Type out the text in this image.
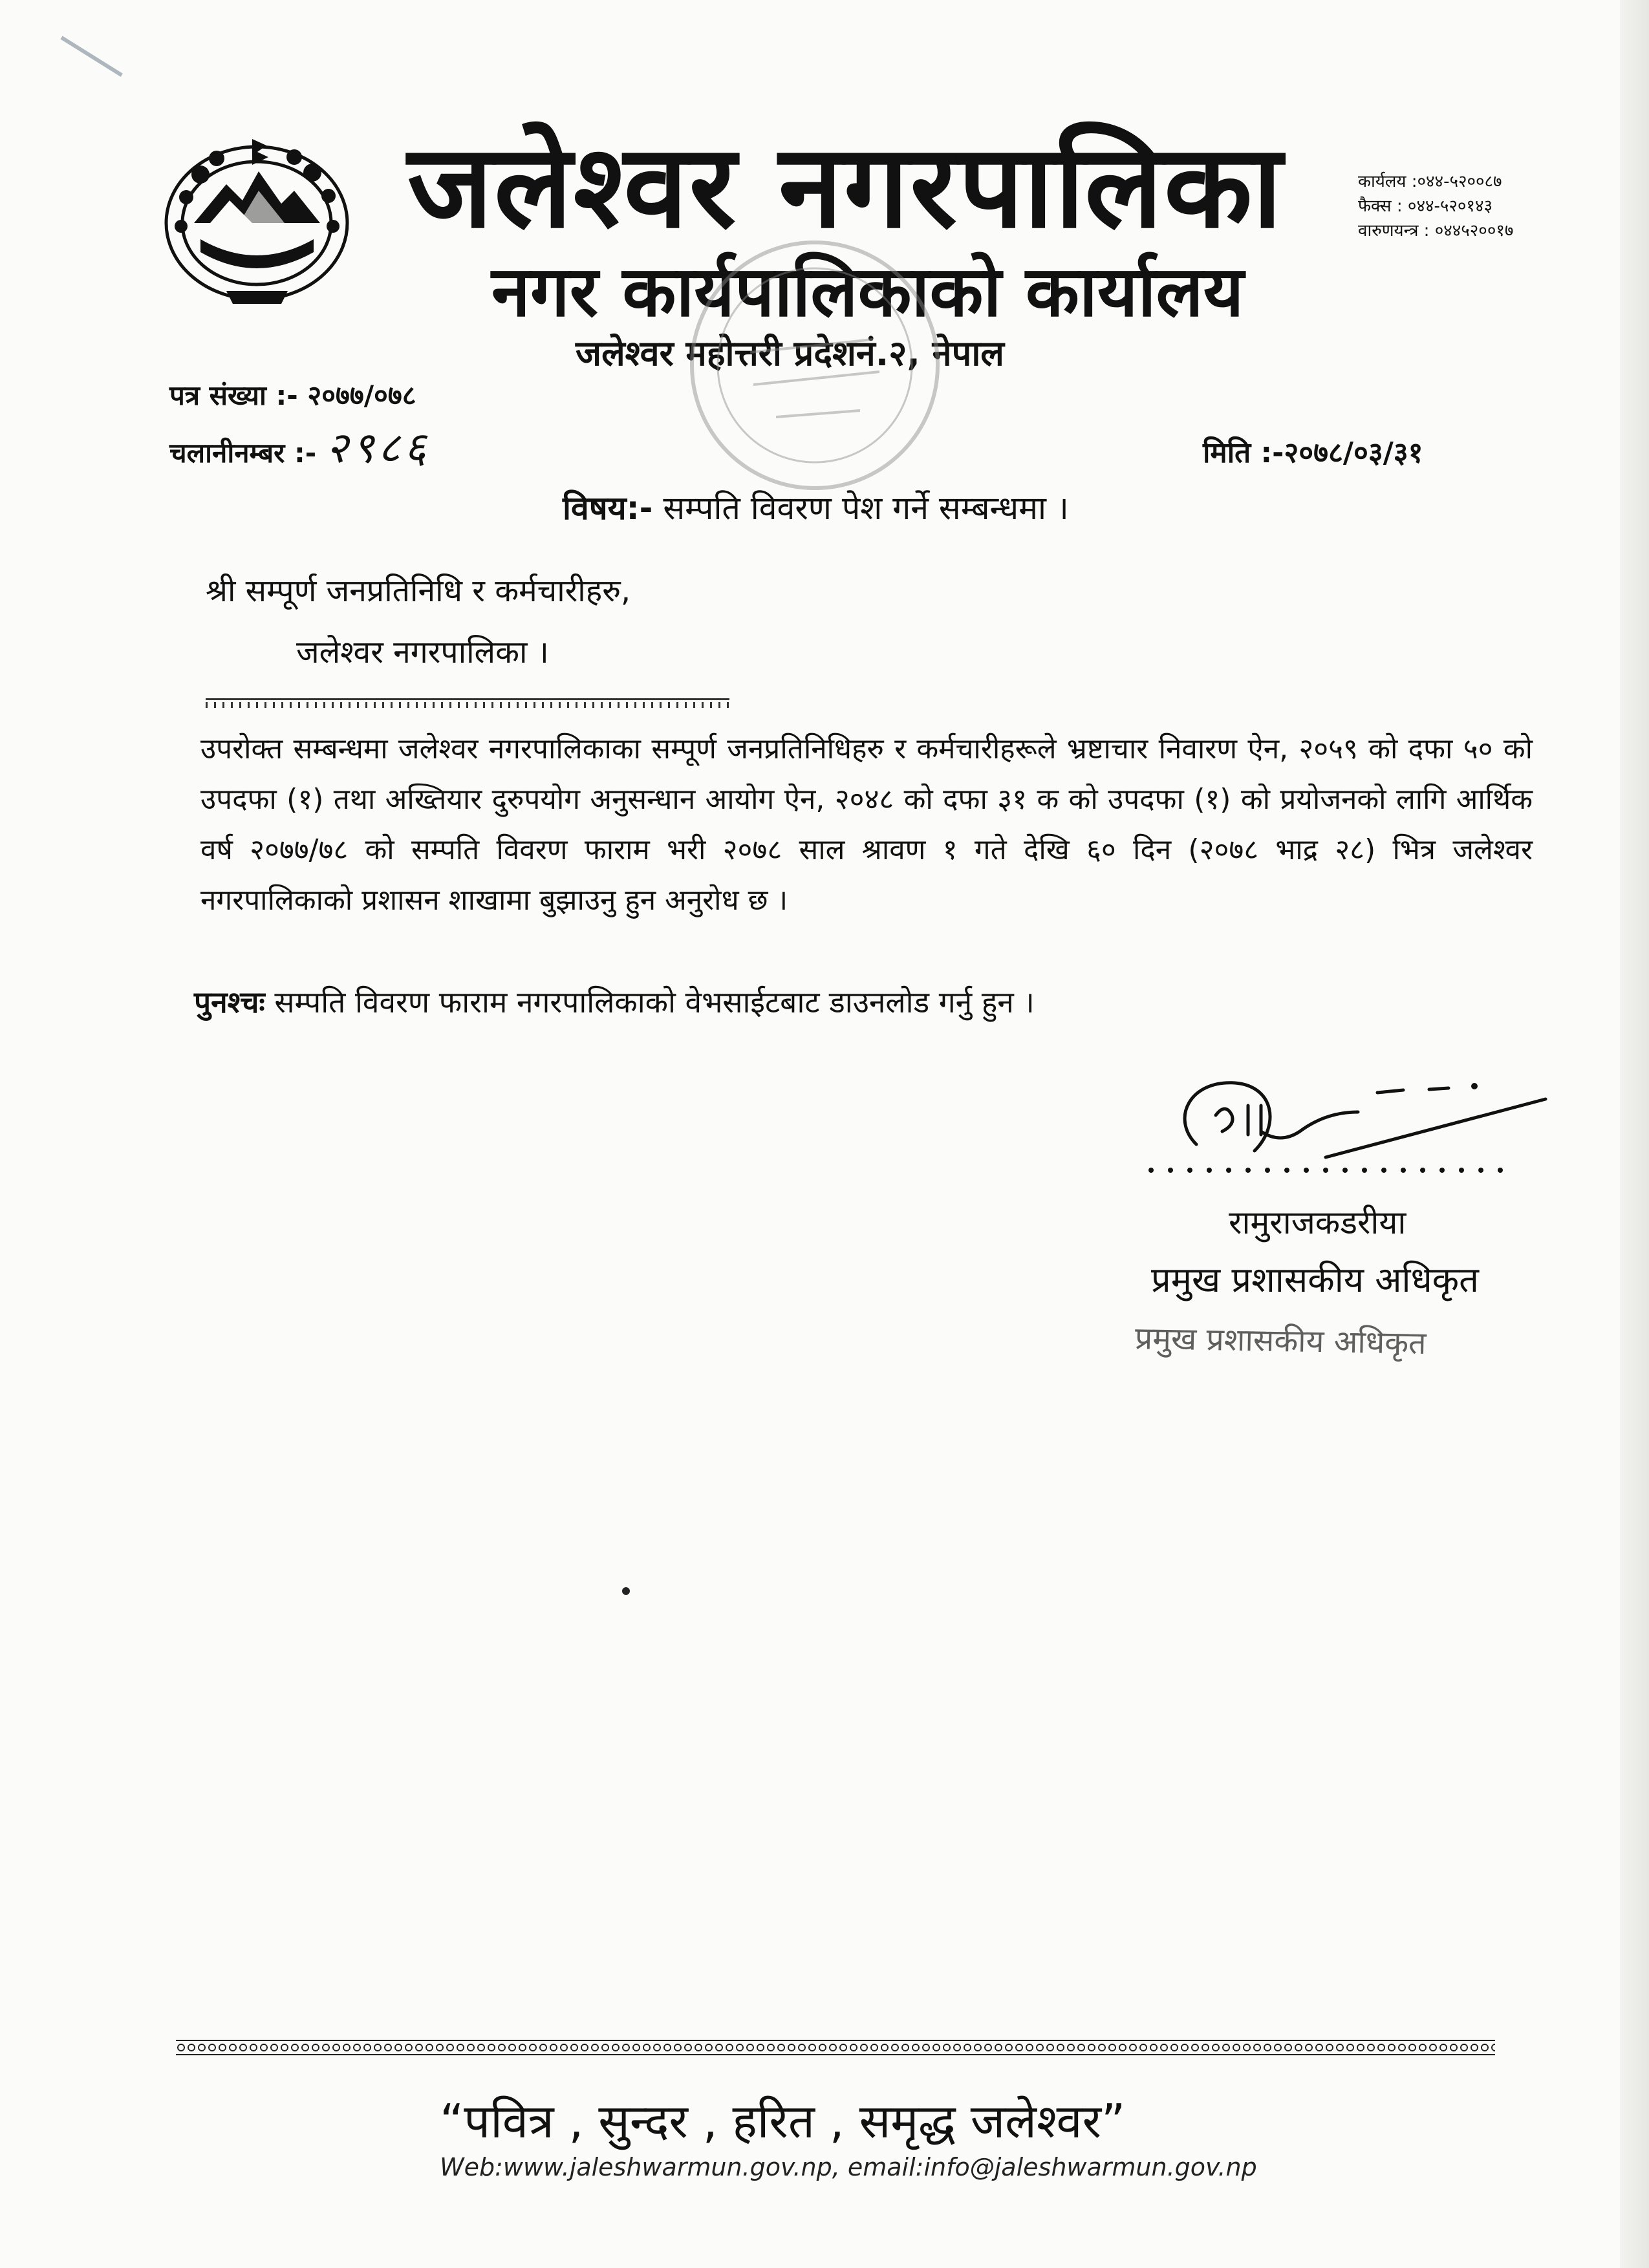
जलेश्वर नगरपालिका
नगर कार्यपालिकाको कार्यालय
जलेश्वर महोत्तरी प्रदेशनं.२, नेपाल
कार्यलय :०४४-५२००८७
फैक्स : ०४४-५२०१४३
वारुणयन्त्र : ०४४५२००१७
पत्र संख्या :- २०७७/०७८
चलानीनम्बर :- २९८६	मिति :-२०७८/०३/३१
विषय:- सम्पति विवरण पेश गर्ने सम्बन्धमा ।
श्री सम्पूर्ण जनप्रतिनिधि र कर्मचारीहरु,
जलेश्वर नगरपालिका ।
उपरोक्त सम्बन्धमा जलेश्वर नगरपालिकाका सम्पूर्ण जनप्रतिनिधिहरु र कर्मचारीहरूले भ्रष्टाचार निवारण ऐन, २०५९ को दफा ५० को उपदफा (१) तथा अख्तियार दुरुपयोग अनुसन्धान आयोग ऐन, २०४८ को दफा ३१ क को उपदफा (१) को प्रयोजनको लागि आर्थिक वर्ष २०७७/७८ को सम्पति विवरण फाराम भरी २०७८ साल श्रावण १ गते देखि ६० दिन (२०७८ भाद्र २८) भित्र जलेश्वर नगरपालिकाको प्रशासन शाखामा बुझाउनु हुन अनुरोध छ ।
पुनश्चः सम्पति विवरण फाराम नगरपालिकाको वेभसाईटबाट डाउनलोड गर्नु हुन ।
रामुराजकडरीया
प्रमुख प्रशासकीय अधिकृत
प्रमुख प्रशासकीय अधिकृत
“पवित्र , सुन्दर , हरित , समृद्ध जलेश्वर”
Web:www.jaleshwarmun.gov.np, email:info@jaleshwarmun.gov.np
